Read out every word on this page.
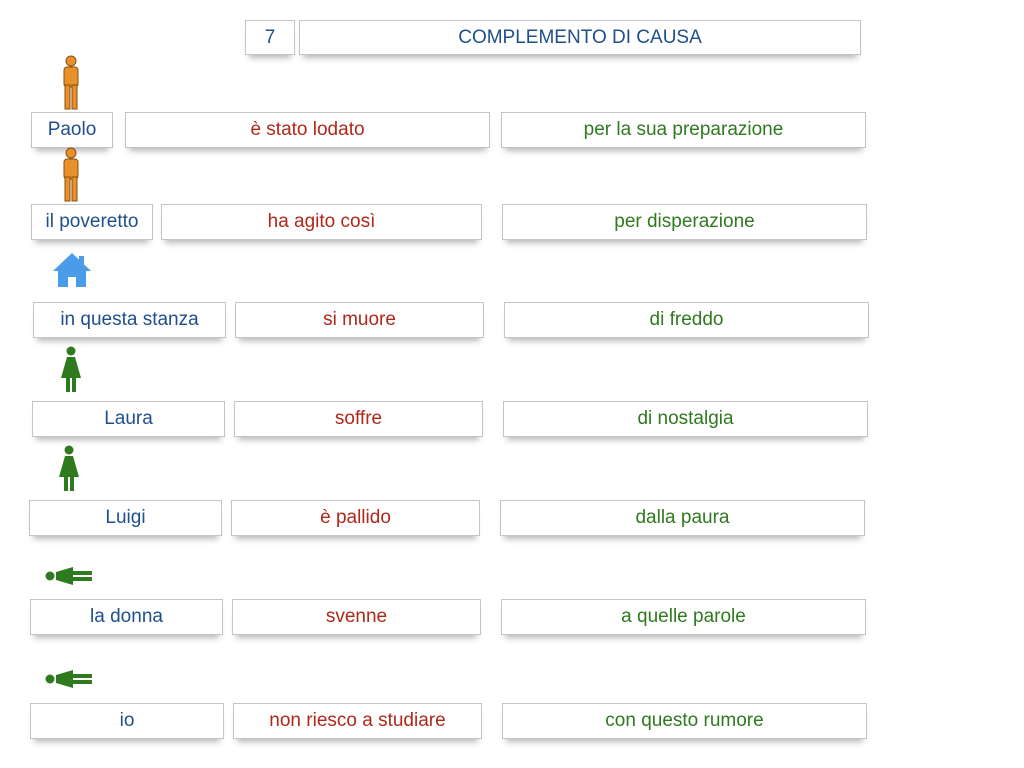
7	COMPLEMENTO DI CAUSA
Paolo	è stato lodato	per la sua preparazione
il poveretto	ha agito così	per disperazione
in questa stanza	si muore	di freddo
Laura	soffre	di nostalgia
Luigi	è pallido	dalla paura
la donna	svenne	a quelle parole
io	non riesco a studiare	con questo rumore
